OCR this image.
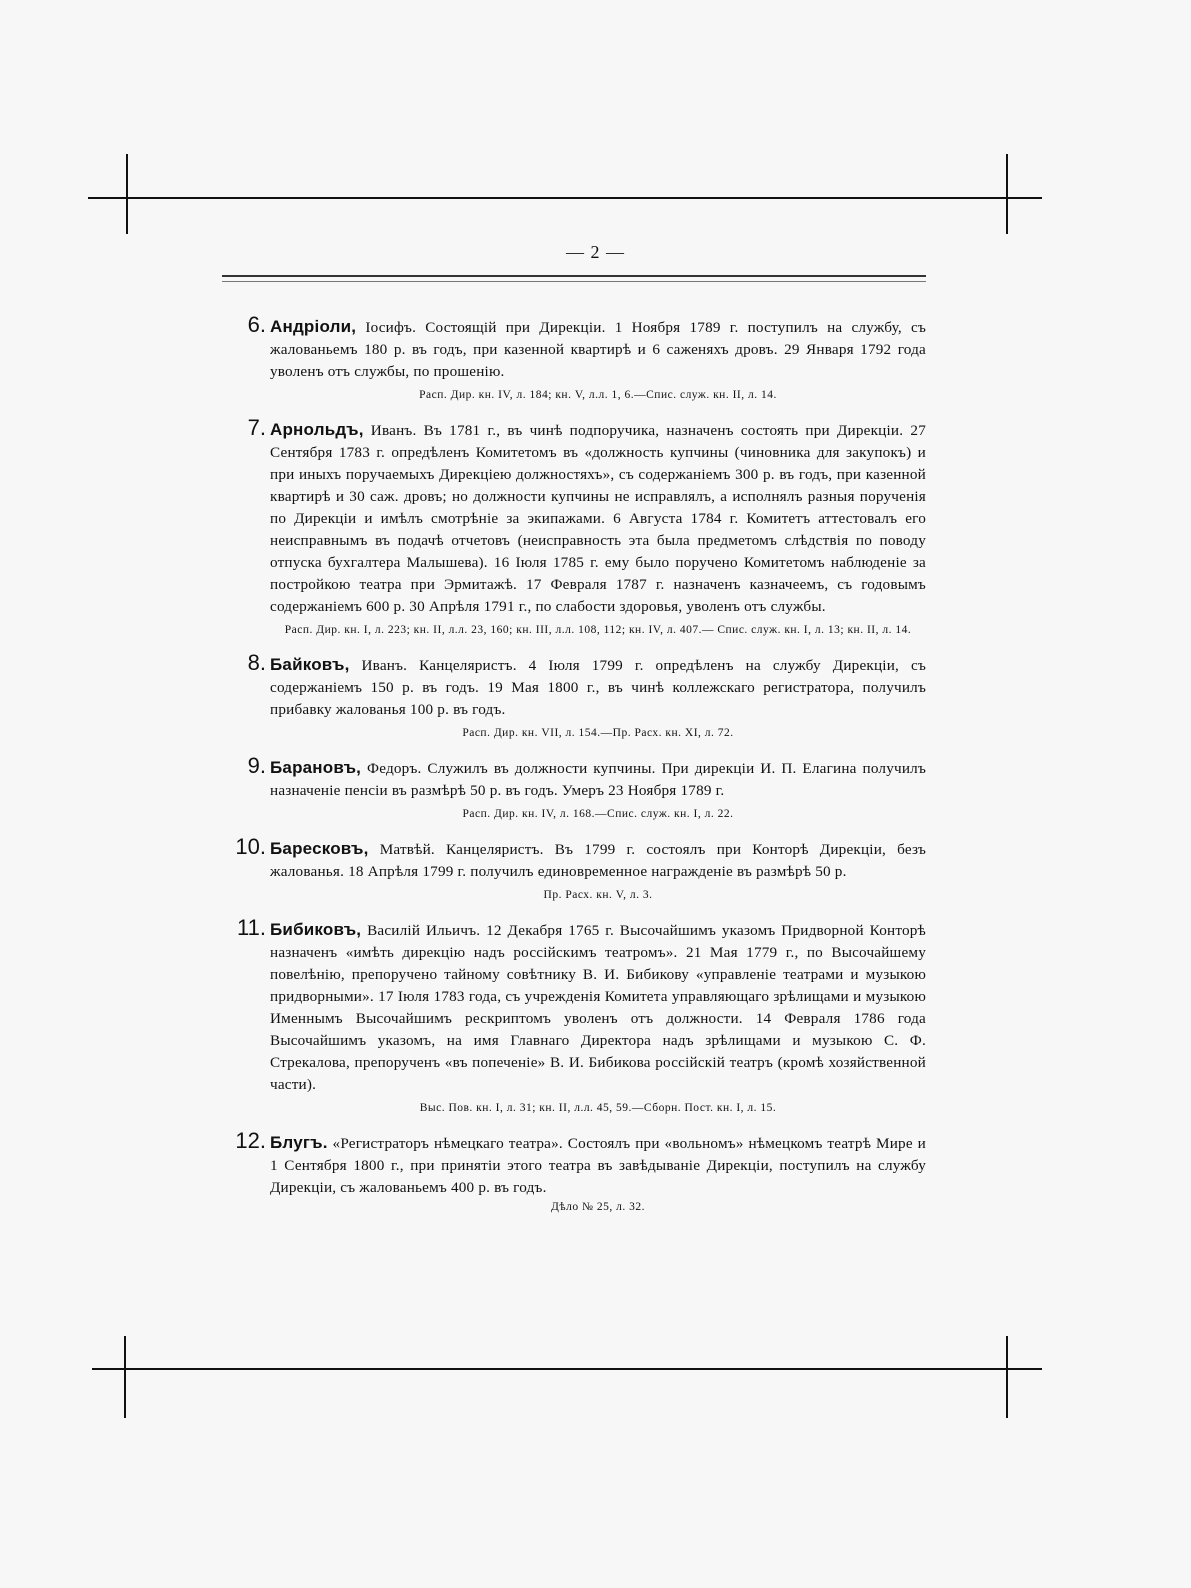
— 2 —
6. Андріоли, Іосифъ. Состоящій при Дирекціи. 1 Ноября 1789 г. поступилъ на службу, съ жалованьемъ 180 р. въ годъ, при казенной квартирѣ и 6 саженяхъ дровъ. 29 Января 1792 года уволенъ отъ службы, по прошенію.
Расп. Дир. кн. IV, л. 184; кн. V, л.л. 1, 6.—Спис. служ. кн. II, л. 14.
7. Арнольдъ, Иванъ. Въ 1781 г., въ чинѣ подпоручика, назначенъ состоять при Дирекціи. 27 Сентября 1783 г. опредѣленъ Комитетомъ въ «должность купчины (чиновника для закупокъ) и при иныхъ поручаемыхъ Дирекціею должностяхъ», съ содержаніемъ 300 р. въ годъ, при казенной квартирѣ и 30 саж. дровъ; но должности купчины не исправлялъ, а исполнялъ разныя порученія по Дирекціи и имѣлъ смотрѣніе за экипажами. 6 Августа 1784 г. Комитетъ аттестовалъ его неисправнымъ въ подачѣ отчетовъ (неисправность эта была предметомъ слѣдствія по поводу отпуска бухгалтера Малышева). 16 Іюля 1785 г. ему было поручено Комитетомъ наблюденіе за постройкою театра при Эрмитажѣ. 17 Февраля 1787 г. назначенъ казначеемъ, съ годовымъ содержаніемъ 600 р. 30 Апрѣля 1791 г., по слабости здоровья, уволенъ отъ службы.
Расп. Дир. кн. I, л. 223; кн. II, л.л. 23, 160; кн. III, л.л. 108, 112; кн. IV, л. 407.— Спис. служ. кн. I, л. 13; кн. II, л. 14.
8. Байковъ, Иванъ. Канцеляристъ. 4 Іюля 1799 г. опредѣленъ на службу Дирекціи, съ содержаніемъ 150 р. въ годъ. 19 Мая 1800 г., въ чинѣ коллежскаго регистратора, получилъ прибавку жалованья 100 р. въ годъ.
Расп. Дир. кн. VII, л. 154.—Пр. Расх. кн. XI, л. 72.
9. Барановъ, Федоръ. Служилъ въ должности купчины. При дирекціи И. П. Елагина получилъ назначеніе пенсіи въ размѣрѣ 50 р. въ годъ. Умеръ 23 Ноября 1789 г.
Расп. Дир. кн. IV, л. 168.—Спис. служ. кн. I, л. 22.
10. Баресковъ, Матвѣй. Канцеляристъ. Въ 1799 г. состоялъ при Конторѣ Дирекціи, безъ жалованья. 18 Апрѣля 1799 г. получилъ единовременное награжденіе въ размѣрѣ 50 р.
Пр. Расх. кн. V, л. 3.
11. Бибиковъ, Василій Ильичъ. 12 Декабря 1765 г. Высочайшимъ указомъ Придворной Конторѣ назначенъ «имѣть дирекцію надъ россійскимъ театромъ». 21 Мая 1779 г., по Высочайшему повелѣнію, препоручено тайному совѣтнику В. И. Бибикову «управленіе театрами и музыкою придворными». 17 Іюля 1783 года, съ учрежденія Комитета управляющаго зрѣлищами и музыкою Именнымъ Высочайшимъ рескриптомъ уволенъ отъ должности. 14 Февраля 1786 года Высочайшимъ указомъ, на имя Главнаго Директора надъ зрѣлищами и музыкою С. Ф. Стрекалова, препорученъ «въ попеченіе» В. И. Бибикова россійскій театръ (кромѣ хозяйственной части).
Выс. Пов. кн. I, л. 31; кн. II, л.л. 45, 59.—Сборн. Пост. кн. I, л. 15.
12. Блугъ. «Регистраторъ нѣмецкаго театра». Состоялъ при «вольномъ» нѣмецкомъ театрѣ Мире и 1 Сентября 1800 г., при принятіи этого театра въ завѣдываніе Дирекціи, поступилъ на службу Дирекціи, съ жалованьемъ 400 р. въ годъ.
Дѣло № 25, л. 32.
